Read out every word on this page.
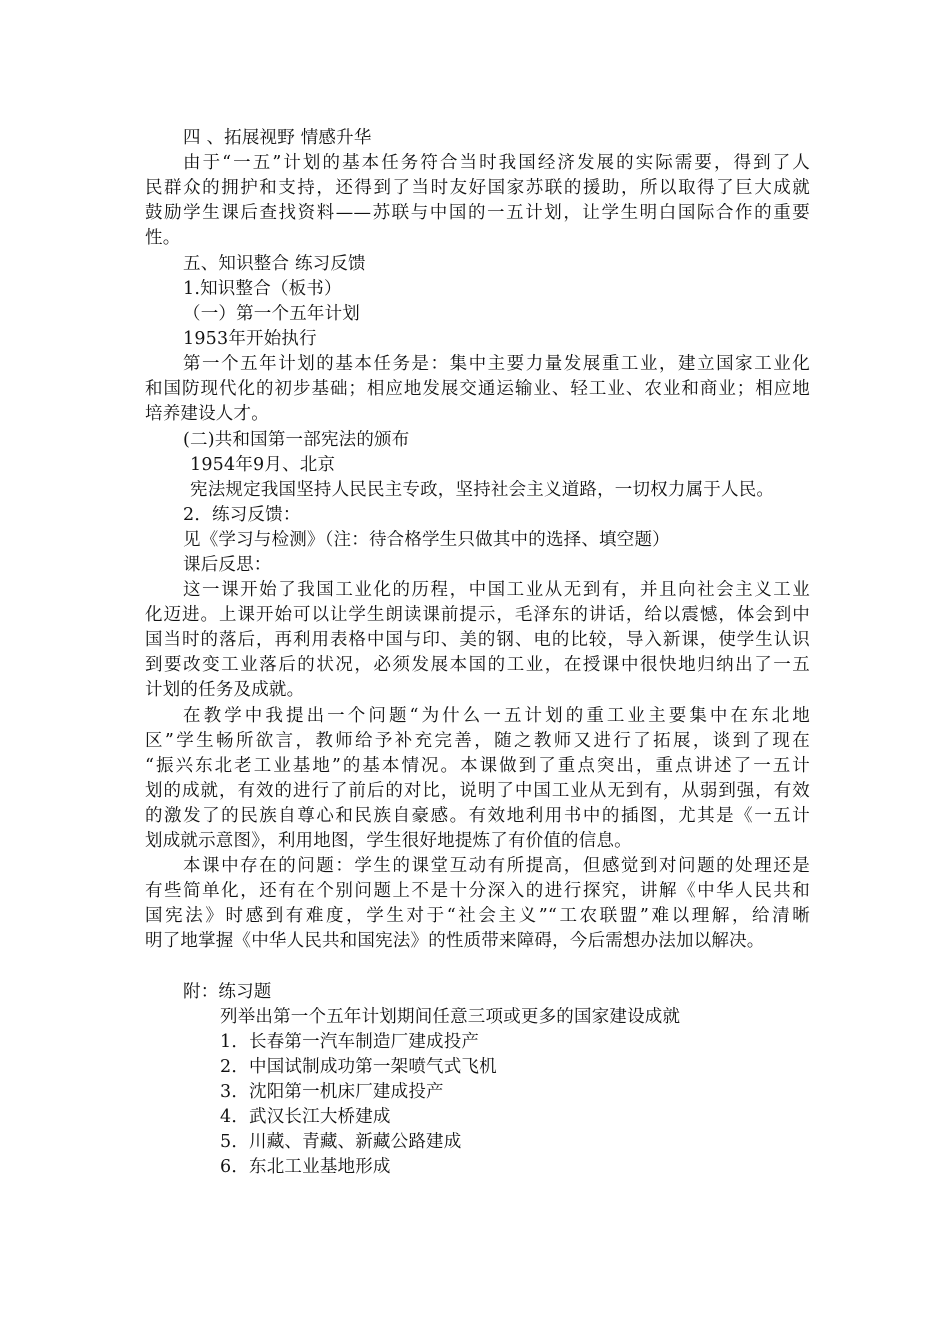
四 、拓展视野 情感升华
由于“一五”计划的基本任务符合当时我国经济发展的实际需要，得到了人
民群众的拥护和支持，还得到了当时友好国家苏联的援助，所以取得了巨大成就
鼓励学生课后查找资料——苏联与中国的一五计划，让学生明白国际合作的重要
性。
五、知识整合 练习反馈
1.知识整合（板书）
（一）第一个五年计划
1953年开始执行
第一个五年计划的基本任务是：集中主要力量发展重工业，建立国家工业化
和国防现代化的初步基础；相应地发展交通运输业、轻工业、农业和商业；相应地
培养建设人才。
(二)共和国第一部宪法的颁布
1954年9月、北京
宪法规定我国坚持人民民主专政，坚持社会主义道路，一切权力属于人民。
2．练习反馈：
见《学习与检测》（注：待合格学生只做其中的选择、填空题）
课后反思：
这一课开始了我国工业化的历程，中国工业从无到有，并且向社会主义工业
化迈进。上课开始可以让学生朗读课前提示，毛泽东的讲话，给以震憾，体会到中
国当时的落后，再利用表格中国与印、美的钢、电的比较，导入新课，使学生认识
到要改变工业落后的状况，必须发展本国的工业，在授课中很快地归纳出了一五
计划的任务及成就。
在教学中我提出一个问题“为什么一五计划的重工业主要集中在东北地
区”学生畅所欲言，教师给予补充完善，随之教师又进行了拓展，谈到了现在
“振兴东北老工业基地”的基本情况。本课做到了重点突出，重点讲述了一五计
划的成就，有效的进行了前后的对比，说明了中国工业从无到有，从弱到强，有效
的激发了的民族自尊心和民族自豪感。有效地利用书中的插图，尤其是《一五计
划成就示意图》，利用地图，学生很好地提炼了有价值的信息。
本课中存在的问题：学生的课堂互动有所提高，但感觉到对问题的处理还是
有些简单化，还有在个别问题上不是十分深入的进行探究，讲解《中华人民共和
国宪法》时感到有难度，学生对于“社会主义”“工农联盟”难以理解，给清晰
明了地掌握《中华人民共和国宪法》的性质带来障碍，今后需想办法加以解决。
附：练习题
列举出第一个五年计划期间任意三项或更多的国家建设成就
1．长春第一汽车制造厂建成投产
2．中国试制成功第一架喷气式飞机
3．沈阳第一机床厂建成投产
4．武汉长江大桥建成
5．川藏、青藏、新藏公路建成
6．东北工业基地形成
